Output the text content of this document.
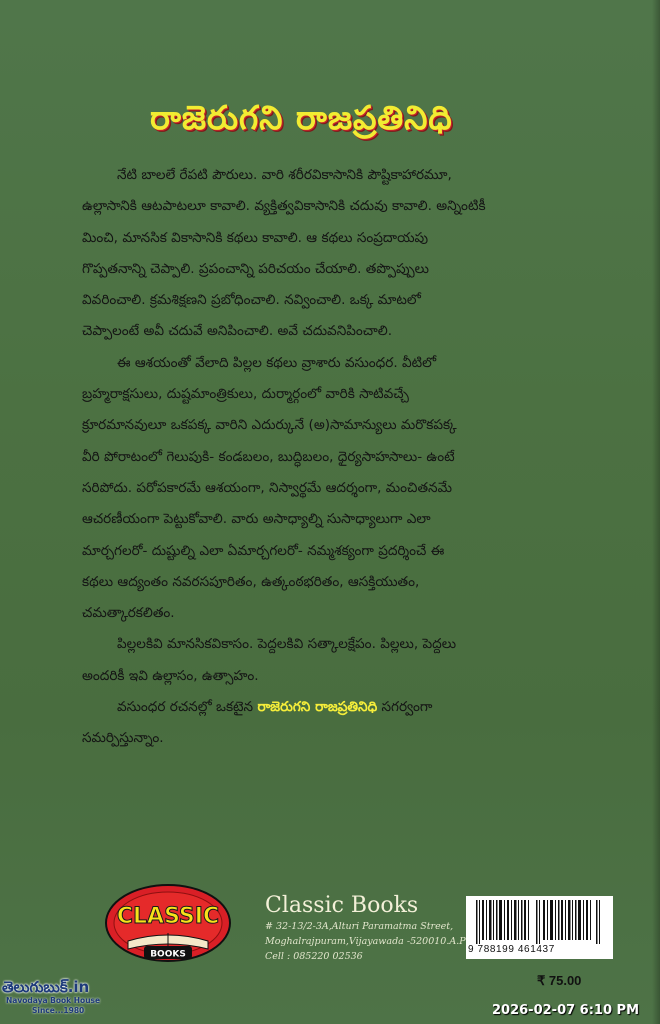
రాజెరుగని రాజప్రతినిధి

నేటి బాలలే రేపటి పౌరులు. వారి శరీరవికాసానికి పౌష్టికాహారమూ,
ఉల్లాసానికి ఆటపాటలూ కావాలి. వ్యక్తిత్వవికాసానికి చదువు కావాలి. అన్నింటికీ
మించి, మానసిక వికాసానికి కథలు కావాలి. ఆ కథలు సంప్రదాయపు
గొప్పతనాన్ని చెప్పాలి. ప్రపంచాన్ని పరిచయం చేయాలి. తప్పొప్పులు
వివరించాలి. క్రమశిక్షణని ప్రబోధించాలి. నవ్వించాలి. ఒక్క మాటలో
చెప్పాలంటే అవీ చదువే అనిపించాలి. అవే చదువనిపించాలి.

ఈ ఆశయంతో వేలాది పిల్లల కథలు వ్రాశారు వసుంధర. వీటిలో
బ్రహ్మరాక్షసులు, దుష్టమాంత్రికులు, దుర్మార్గంలో వారికి సాటివచ్చే
క్రూరమానవులూ ఒకపక్క వారిని ఎదుర్కునే (అ)సామాన్యులు మరొకపక్క
వీరి పోరాటంలో గెలుపుకి- కండబలం, బుద్ధిబలం, ధైర్యసాహసాలు- ఉంటే
సరిపోదు. పరోపకారమే ఆశయంగా, నిస్వార్థమే ఆదర్శంగా, మంచితనమే
ఆచరణీయంగా పెట్టుకోవాలి. వారు అసాధ్యాల్ని సుసాధ్యాలుగా ఎలా
మార్చగలరో- దుష్టుల్ని ఎలా ఏమార్చగలరో- నమ్మశక్యంగా ప్రదర్శించే ఈ
కథలు ఆద్యంతం నవరసపూరితం, ఉత్కంఠభరితం, ఆసక్తియుతం,
చమత్కారకలితం.

పిల్లలకివి మానసికవికాసం. పెద్దలకివి సత్కాలక్షేపం. పిల్లలు, పెద్దలు
అందరికీ ఇవి ఉల్లాసం, ఉత్సాహం.

వసుంధర రచనల్లో ఒకటైన రాజెరుగని రాజప్రతినిధి సగర్వంగా
సమర్పిస్తున్నాం.

CLASSIC
BOOKS
Classic Books
# 32-13/2-3A,Alturi Paramatma Street,
Moghalrajpuram,Vijayawada -520010.A.P
Cell : 085220 02536
9 788199 461437
₹ 75.00
తెలుగుబుక్.in
Navodaya Book House
Since...1980	2026-02-07 6:10 PM
